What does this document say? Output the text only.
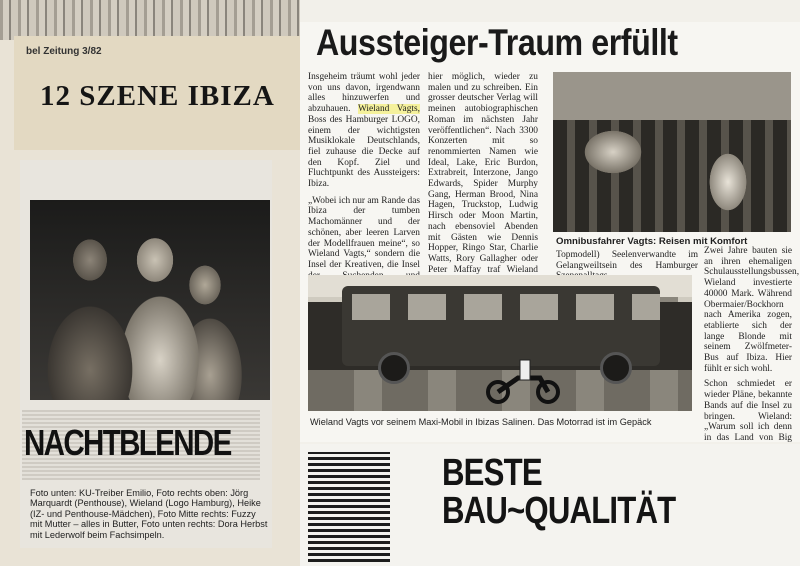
bel Zeitung 3/82
12 SZENE IBIZA
NACHTBLENDE
Foto unten: KU-Treiber Emilio, Foto rechts oben: Jörg Marquardt (Penthouse), Wieland (Logo Hamburg), Heike (IZ- und Penthouse-Mädchen), Foto Mitte rechts: Fuzzy mit Mutter – alles in Butter, Foto unten rechts: Dora Herbst mit Lederwolf beim Fachsimpeln.
Aussteiger-Traum erfüllt
Insgeheim träumt wohl jeder von uns davon, irgendwann alles hinzuwerfen und abzuhauen. Wieland Vagts, Boss des Hamburger LOGO, einem der wichtigsten Musiklokale Deutschlands, fiel zuhause die Decke auf den Kopf. Ziel und Fluchtpunkt des Aussteigers: Ibiza.
„Wobei ich nur am Rande das Ibiza der tumben Machomänner und der schönen, aber leeren Larven der Modellfrauen meine“, so Wieland Vagts,“ sondern die Insel der Kreativen, die Insel
hier möglich, wieder zu malen und zu schreiben. Ein grosser deutscher Verlag will meinen autobiographischen Roman im nächsten Jahr veröffentlichen“. Nach 3300 Konzerten mit so renommierten Namen wie Ideal, Lake, Eric Burdon, Extrabreit, Interzone, Jango Edwards, Spider Murphy Gang, Herman Brood, Nina Hagen, Truckstop, Ludwig Hirsch oder Moon Martin, nach ebensoviel Abenden mit Gästen wie Dennis Hopper, Ringo Star, Charlie Watts, Rory Gallagher oder Peter Maffay traf Wieland
Omnibusfahrer Vagts: Reisen mit Komfort
Topmodell) Seelenverwandte im Gelangweiltsein des Hamburger
Zwei Jahre bauten sie an ihren ehemaligen Schulausstellungsbussen, Wieland investierte 40000 Mark. Während Obermaier/Bockhorn nach Amerika zogen, etablierte sich der lange Blonde mit seinem Zwölfmeter-Bus auf Ibiza. Hier fühlt er sich wohl.
Schon schmiedet er wieder Pläne, bekannte Bands auf die Insel zu bringen. Wieland: „Warum soll ich denn in das Land von Big
Wieland Vagts vor seinem Maxi-Mobil in Ibizas Salinen. Das Motorrad ist im Gepäck
BESTE
BAU~QUALITÄT
